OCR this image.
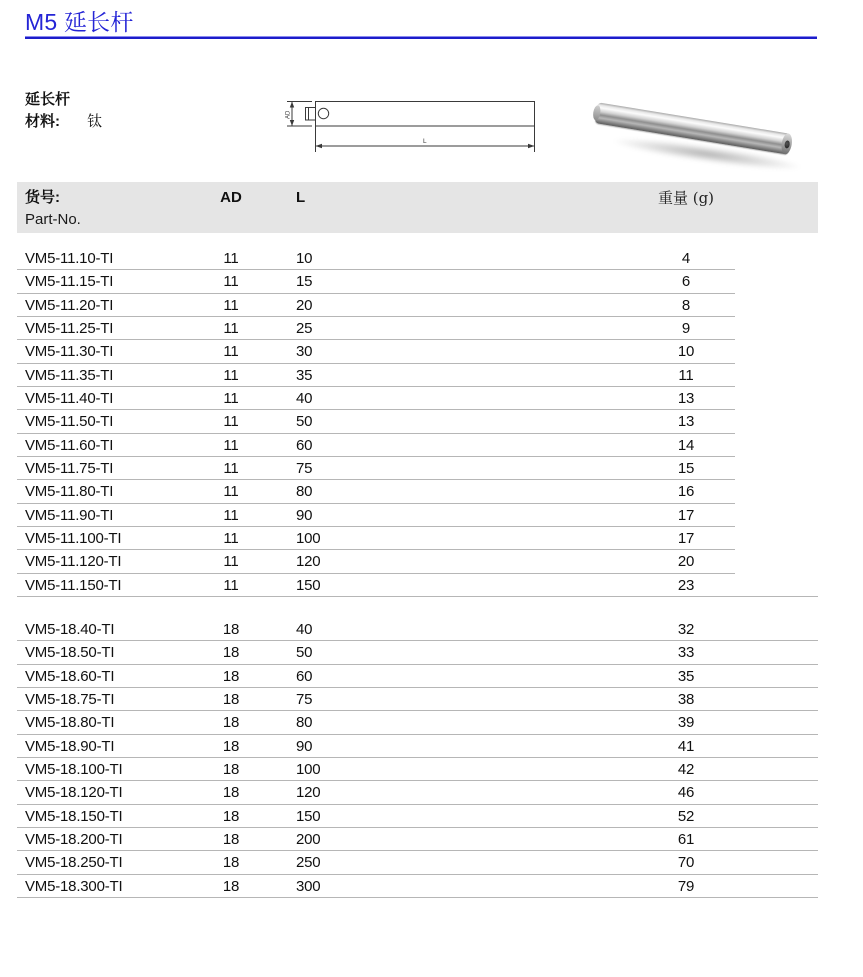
M5 延长杆
延长杆
材料: 钛	AD
L
货号:	AD	L	重量 (g)
Part-No.
VM5-11.10-TI	11	10	4
VM5-11.15-TI	11	15	6
VM5-11.20-TI	11	20	8
VM5-11.25-TI	11	25	9
VM5-11.30-TI	11	30	10
VM5-11.35-TI	11	35	11
VM5-11.40-TI	11	40	13
VM5-11.50-TI	11	50	13
VM5-11.60-TI	11	60	14
VM5-11.75-TI	11	75	15
VM5-11.80-TI	11	80	16
VM5-11.90-TI	11	90	17
VM5-11.100-TI	11	100	17
VM5-11.120-TI	11	120	20
VM5-11.150-TI	11	150	23
VM5-18.40-TI	18	40	32
VM5-18.50-TI	18	50	33
VM5-18.60-TI	18	60	35
VM5-18.75-TI	18	75	38
VM5-18.80-TI	18	80	39
VM5-18.90-TI	18	90	41
VM5-18.100-TI	18	100	42
VM5-18.120-TI	18	120	46
VM5-18.150-TI	18	150	52
VM5-18.200-TI	18	200	61
VM5-18.250-TI	18	250	70
VM5-18.300-TI	18	300	79
